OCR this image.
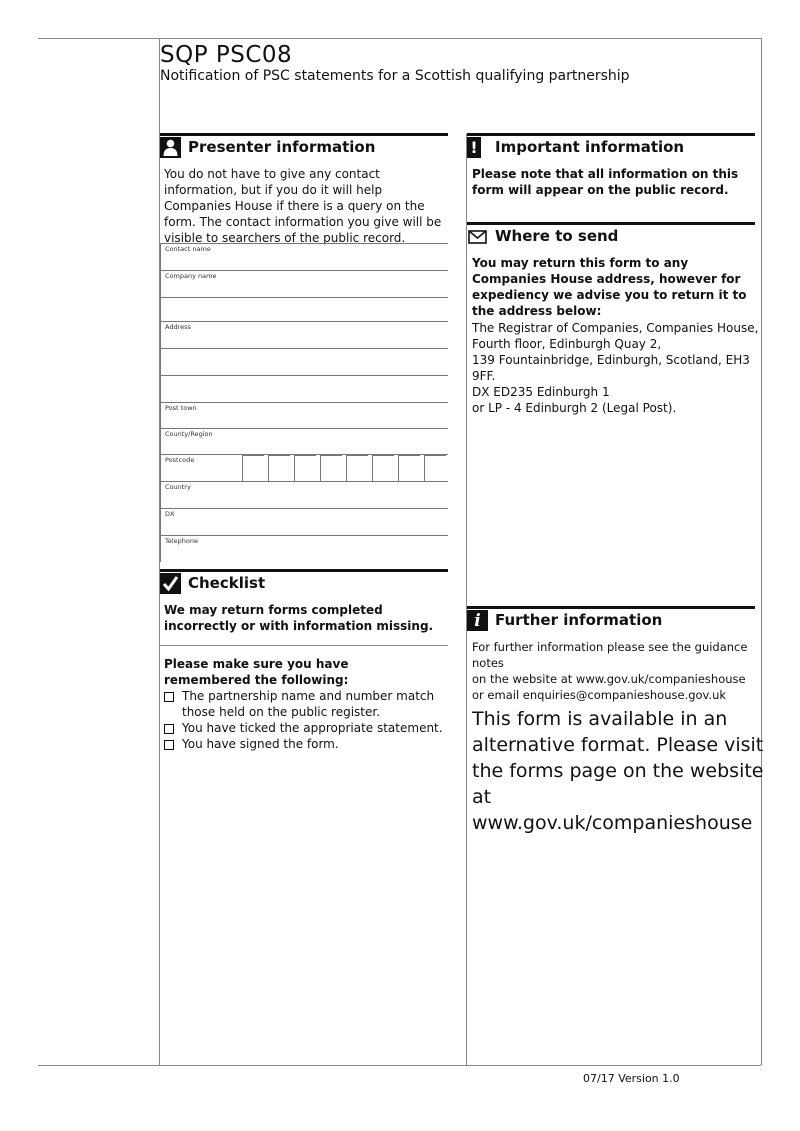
SQP PSC08
Notification of PSC statements for a Scottish qualifying partnership
Presenter information
You do not have to give any contact information, but if you do it will help Companies House if there is a query on the form. The contact information you give will be visible to searchers of the public record.
Contact name
Company name
Address
Post town
County/Region
Postcode
Country
DX
Telephone
Checklist
We may return forms completed incorrectly or with information missing.
Please make sure you have remembered the following:
The partnership name and number match those held on the public register.
You have ticked the appropriate statement.
You have signed the form.
! Important information
Please note that all information on this form will appear on the public record.
Where to send
You may return this form to any Companies House address, however for expediency we advise you to return it to the address below:
The Registrar of Companies, Companies House,
Fourth floor, Edinburgh Quay 2,
139 Fountainbridge, Edinburgh, Scotland, EH3 9FF.
DX ED235 Edinburgh 1
or LP - 4 Edinburgh 2 (Legal Post).
i Further information
For further information please see the guidance notes
on the website at www.gov.uk/companieshouse
or email enquiries@companieshouse.gov.uk
This form is available in an alternative format. Please visit the forms page on the website at www.gov.uk/companieshouse
07/17 Version 1.0
